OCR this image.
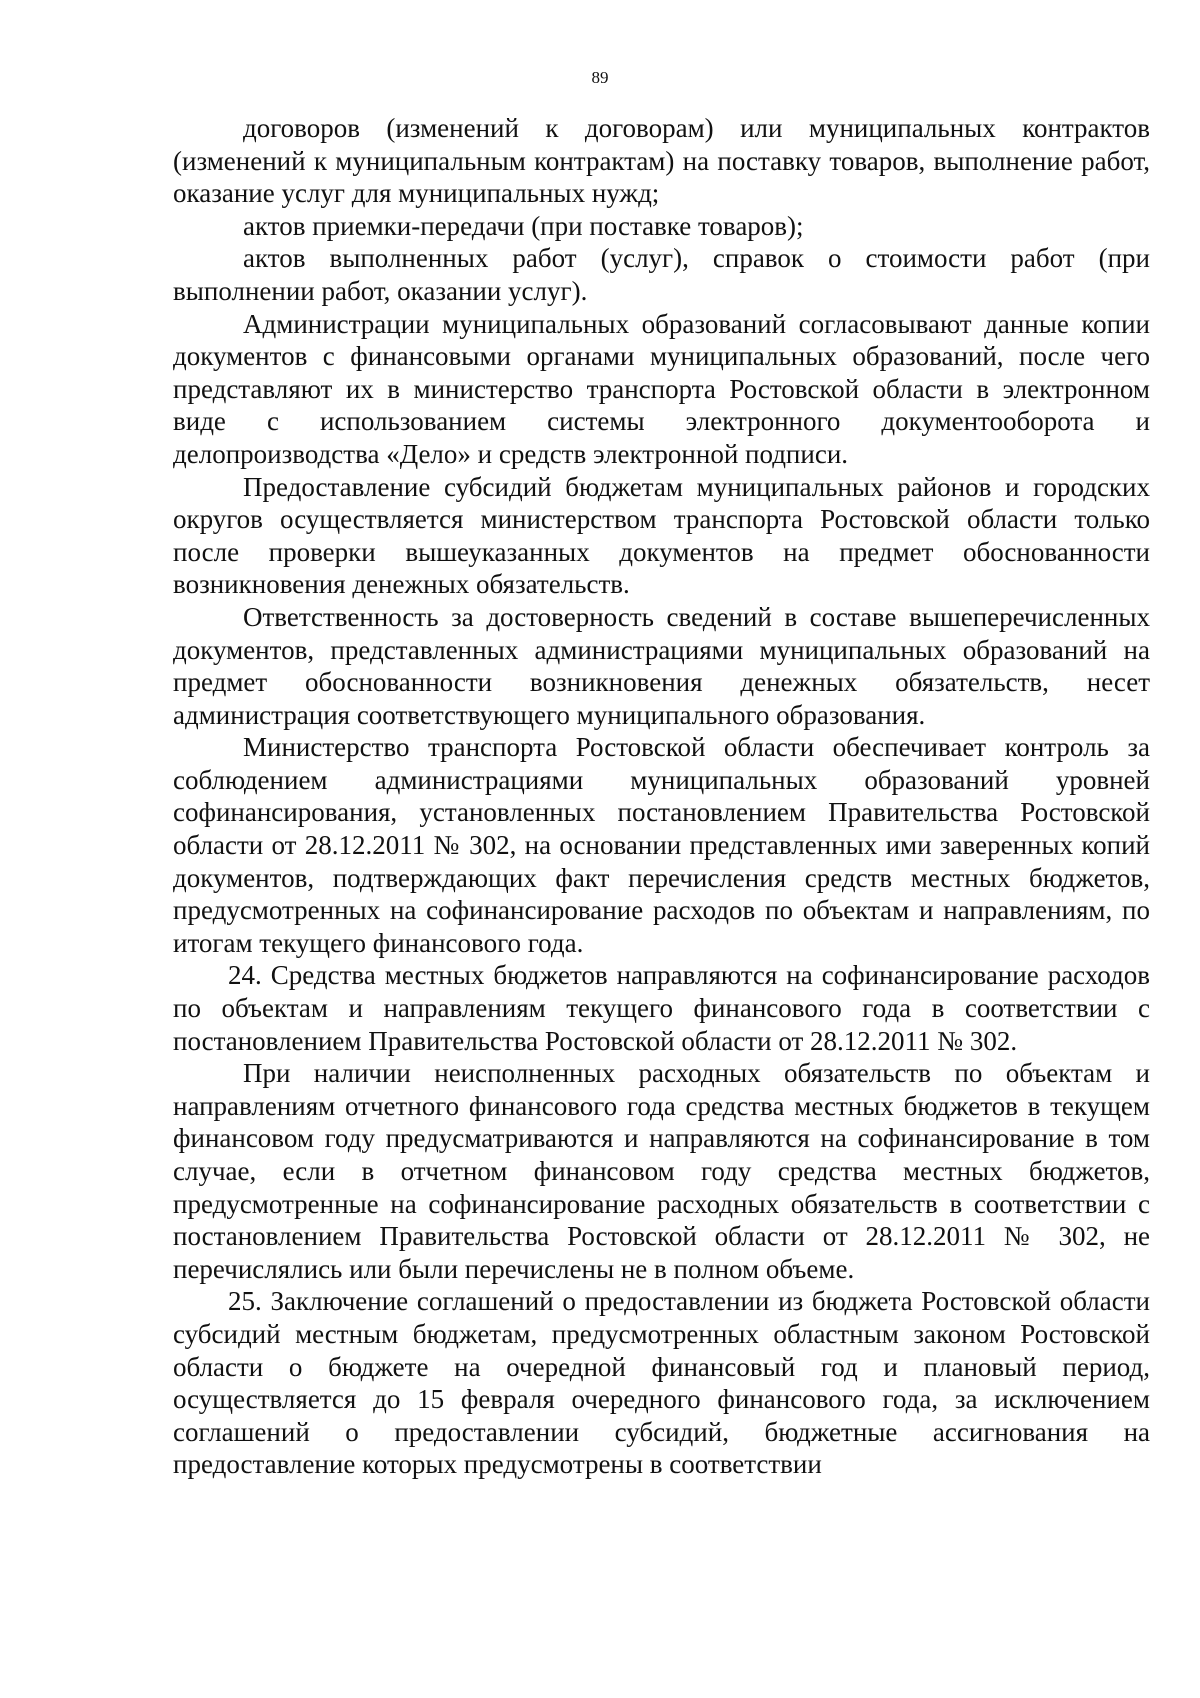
89

договоров (изменений к договорам) или муниципальных контрактов (изменений к муниципальным контрактам) на поставку товаров, выполнение работ, оказание услуг для муниципальных нужд;

актов приемки-передачи (при поставке товаров);

актов выполненных работ (услуг), справок о стоимости работ (при выполнении работ, оказании услуг).

Администрации муниципальных образований согласовывают данные копии документов с финансовыми органами муниципальных образований, после чего представляют их в министерство транспорта Ростовской области в электронном виде с использованием системы электронного документооборота и делопроизводства «Дело» и средств электронной подписи.

Предоставление субсидий бюджетам муниципальных районов и городских округов осуществляется министерством транспорта Ростовской области только после проверки вышеуказанных документов на предмет обоснованности возникновения денежных обязательств.

Ответственность за достоверность сведений в составе вышеперечисленных документов, представленных администрациями муниципальных образований на предмет обоснованности возникновения денежных обязательств, несет администрация соответствующего муниципального образования.

Министерство транспорта Ростовской области обеспечивает контроль за соблюдением администрациями муниципальных образований уровней софинансирования, установленных постановлением Правительства Ростовской области от 28.12.2011 № 302, на основании представленных ими заверенных копий документов, подтверждающих факт перечисления средств местных бюджетов, предусмотренных на софинансирование расходов по объектам и направлениям, по итогам текущего финансового года.

24. Средства местных бюджетов направляются на софинансирование расходов по объектам и направлениям текущего финансового года в соответствии с постановлением Правительства Ростовской области от 28.12.2011 № 302.

При наличии неисполненных расходных обязательств по объектам и направлениям отчетного финансового года средства местных бюджетов в текущем финансовом году предусматриваются и направляются на софинансирование в том случае, если в отчетном финансовом году средства местных бюджетов, предусмотренные на софинансирование расходных обязательств в соответствии с постановлением Правительства Ростовской области от 28.12.2011 № 302, не перечислялись или были перечислены не в полном объеме.

25. Заключение соглашений о предоставлении из бюджета Ростовской области субсидий местным бюджетам, предусмотренных областным законом Ростовской области о бюджете на очередной финансовый год и плановый период, осуществляется до 15 февраля очередного финансового года, за исключением соглашений о предоставлении субсидий, бюджетные ассигнования на предоставление которых предусмотрены в соответствии
